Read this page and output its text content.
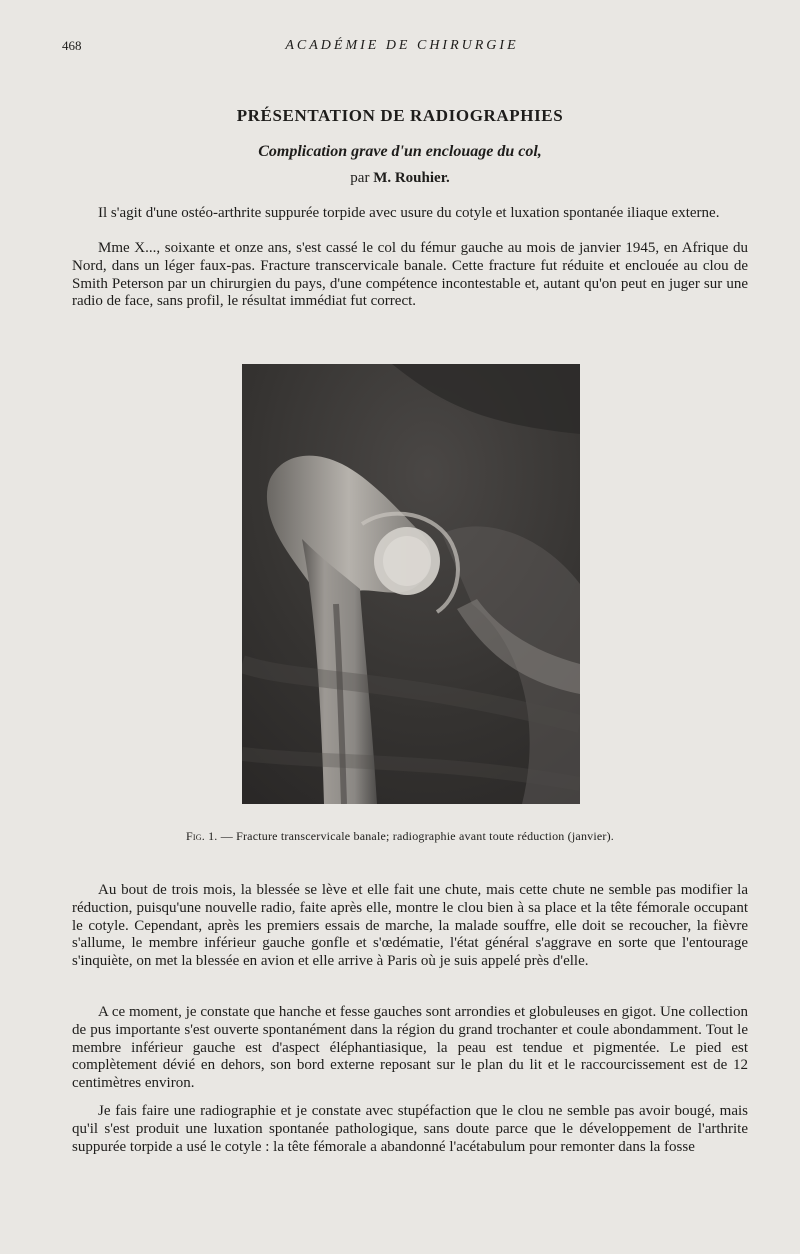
468	ACADÉMIE DE CHIRURGIE
PRÉSENTATION DE RADIOGRAPHIES
Complication grave d'un enclouage du col,
par M. Rouhier.

Il s'agit d'une ostéo-arthrite suppurée torpide avec usure du cotyle et luxation spontanée iliaque externe.

Mme X..., soixante et onze ans, s'est cassé le col du fémur gauche au mois de janvier 1945, en Afrique du Nord, dans un léger faux-pas. Fracture transcervicale banale. Cette fracture fut réduite et enclouée au clou de Smith Peterson par un chirurgien du pays, d'une compétence incontestable et, autant qu'on peut en juger sur une radio de face, sans profil, le résultat immédiat fut correct.

Fig. 1. — Fracture transcervicale banale; radiographie avant toute réduction (janvier).

Au bout de trois mois, la blessée se lève et elle fait une chute, mais cette chute ne semble pas modifier la réduction, puisqu'une nouvelle radio, faite après elle, montre le clou bien à sa place et la tête fémorale occupant le cotyle. Cependant, après les premiers essais de marche, la malade souffre, elle doit se recoucher, la fièvre s'allume, le membre inférieur gauche gonfle et s'œdématie, l'état général s'aggrave en sorte que l'entourage s'inquiète, on met la blessée en avion et elle arrive à Paris où je suis appelé près d'elle.

A ce moment, je constate que hanche et fesse gauches sont arrondies et globuleuses en gigot. Une collection de pus importante s'est ouverte spontanément dans la région du grand trochanter et coule abondamment. Tout le membre inférieur gauche est d'aspect éléphantiasique, la peau est tendue et pigmentée. Le pied est complètement dévié en dehors, son bord externe reposant sur le plan du lit et le raccourcissement est de 12 centimètres environ.

Je fais faire une radiographie et je constate avec stupéfaction que le clou ne semble pas avoir bougé, mais qu'il s'est produit une luxation spontanée pathologique, sans doute parce que le développement de l'arthrite suppurée torpide a usé le cotyle : la tête fémorale a abandonné l'acétabulum pour remonter dans la fosse
